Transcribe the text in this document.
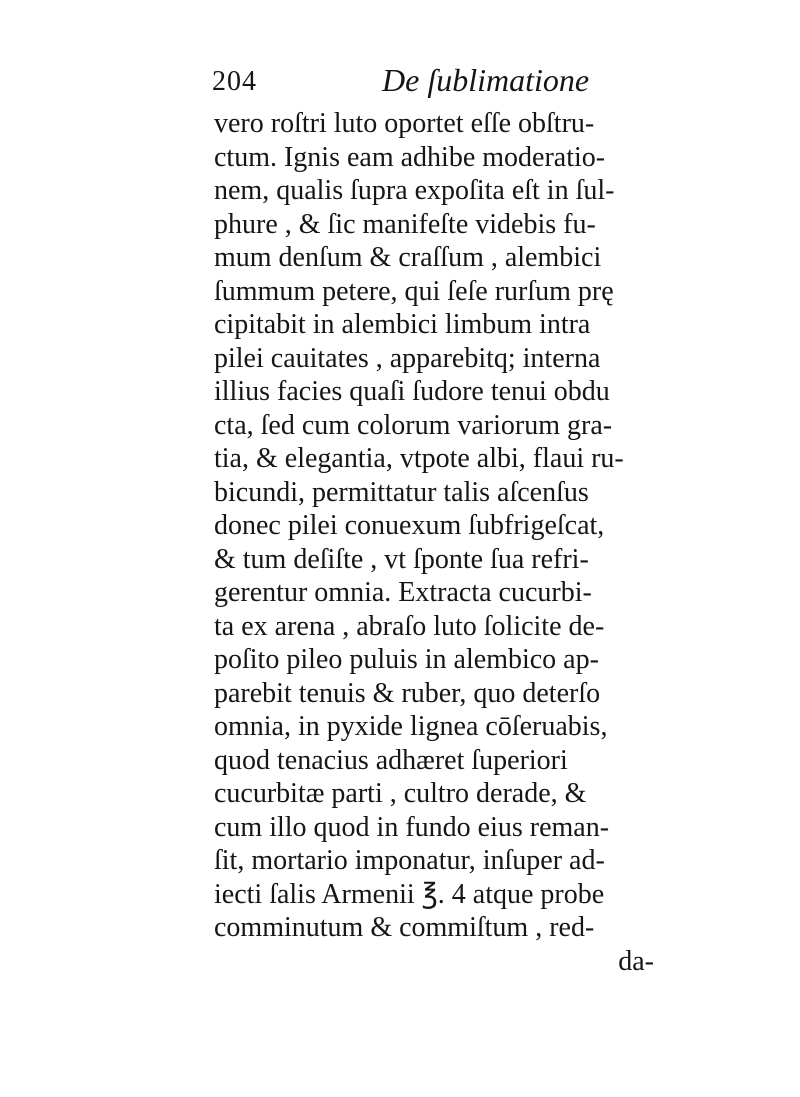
204	De ſublimatione
vero roſtri luto oportet eſſe obſtru-
ctum. Ignis eam adhibe moderatio-
nem, qualis ſupra expoſita eſt in ſul-
phure , & ſic manifeſte videbis fu-
mum denſum & craſſum , alembici
ſummum petere, qui ſeſe rurſum prę
cipitabit in alembici limbum intra
pilei cauitates , apparebitq; interna
illius facies quaſi ſudore tenui obdu
cta, ſed cum colorum variorum gra-
tia, & elegantia, vtpote albi, flaui ru-
bicundi, permittatur talis aſcenſus
donec pilei conuexum ſubfrigeſcat,
& tum deſiſte , vt ſponte ſua refri-
gerentur omnia. Extracta cucurbi-
ta ex arena , abraſo luto ſolicite de-
poſito pileo puluis in alembico ap-
parebit tenuis & ruber, quo deterſo
omnia, in pyxide lignea cōſeruabis,
quod tenacius adhæret ſuperiori
cucurbitæ parti , cultro derade, &
cum illo quod in fundo eius reman-
ſit, mortario imponatur, inſuper ad-
iecti ſalis Armenii ℥. 4 atque probe
comminutum & commiſtum , red-
da-
